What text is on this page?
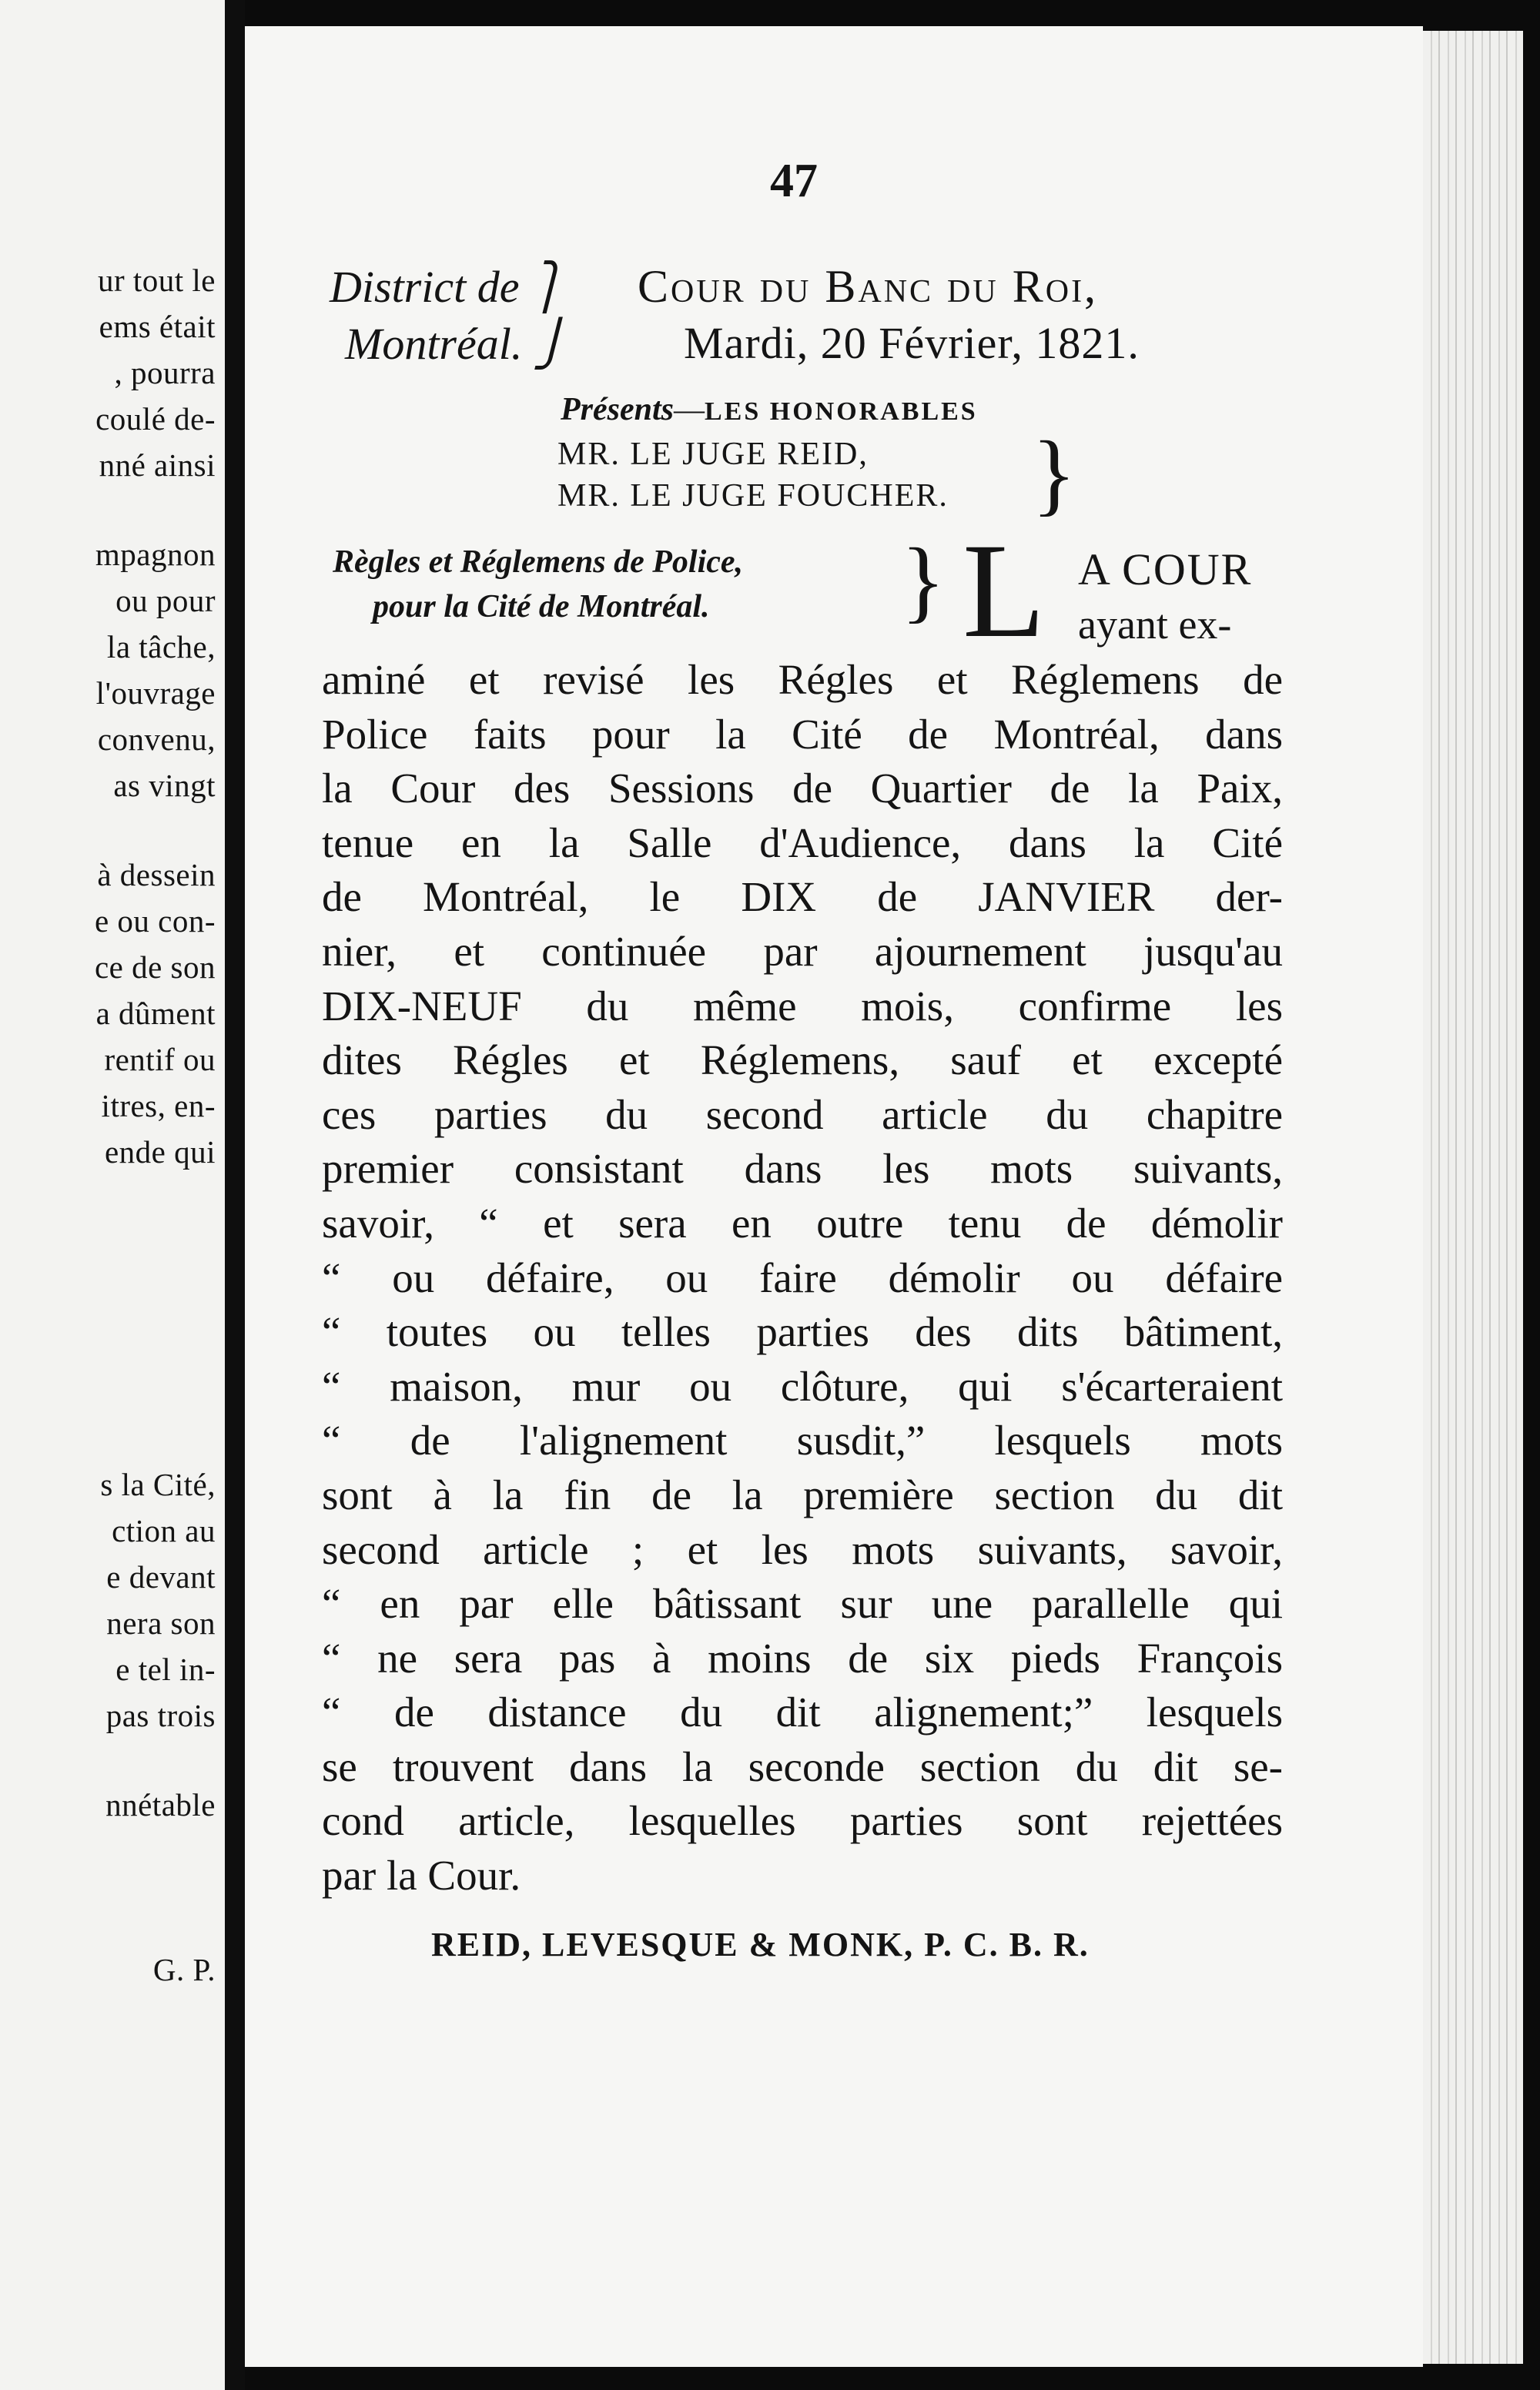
ur tout le
ems était
, pourra
coulé de-
nné ainsi
mpagnon
ou pour
la tâche,
l'ouvrage
convenu,
as vingt
à dessein
e ou con-
ce de son
a dûment
rentif ou
itres, en-
ende qui
s la Cité,
ction au
e devant
nera son
e tel in-
pas trois
nnétable
G. P.
47
District de ⎫
Montréal. ⎭
Cour du Banc du Roi,
Mardi, 20 Février, 1821.
Présents—LES HONORABLES
MR. LE JUGE REID,
MR. LE JUGE FOUCHER. }
Règles et Réglemens de Police,
pour la Cité de Montréal. } L A COUR
ayant ex-
aminé et revisé les Régles et Réglemens de
Police faits pour la Cité de Montréal, dans
la Cour des Sessions de Quartier de la Paix,
tenue en la Salle d'Audience, dans la Cité
de Montréal, le DIX de JANVIER der-
nier, et continuée par ajournement jusqu'au
DIX-NEUF du même mois, confirme les
dites Régles et Réglemens, sauf et excepté
ces parties du second article du chapitre
premier consistant dans les mots suivants,
savoir, “ et sera en outre tenu de démolir
“ ou défaire, ou faire démolir ou défaire
“ toutes ou telles parties des dits bâtiment,
“ maison, mur ou clôture, qui s'écarteraient
“ de l'alignement susdit,” lesquels mots
sont à la fin de la première section du dit
second article ; et les mots suivants, savoir,
“ en par elle bâtissant sur une parallelle qui
“ ne sera pas à moins de six pieds François
“ de distance du dit alignement;” lesquels
se trouvent dans la seconde section du dit se-
cond article, lesquelles parties sont rejettées
par la Cour.
REID, LEVESQUE & MONK, P. C. B. R.
